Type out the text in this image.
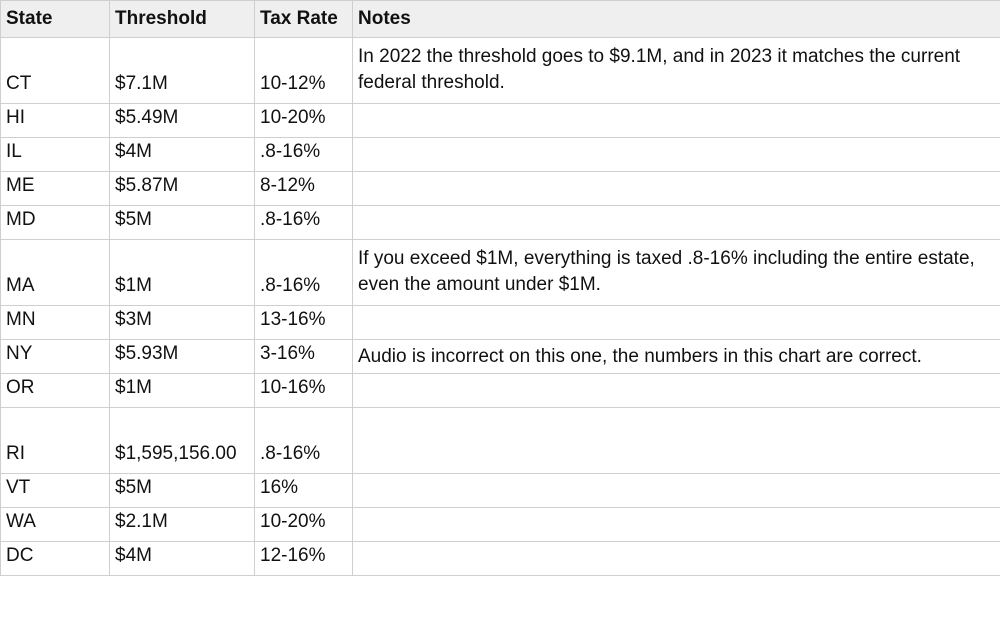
State	Threshold	Tax Rate	Notes
CT	$7.1M	10-12%	In 2022 the threshold goes to $9.1M, and in 2023 it matches the current federal threshold.
HI	$5.49M	10-20%	
IL	$4M	.8-16%	
ME	$5.87M	8-12%	
MD	$5M	.8-16%	
MA	$1M	.8-16%	If you exceed $1M, everything is taxed .8-16% including the entire estate, even the amount under $1M.
MN	$3M	13-16%	
NY	$5.93M	3-16%	Audio is incorrect on this one, the numbers in this chart are correct.
OR	$1M	10-16%	
RI	$1,595,156.00	.8-16%	
VT	$5M	16%	
WA	$2.1M	10-20%	
DC	$4M	12-16%	
